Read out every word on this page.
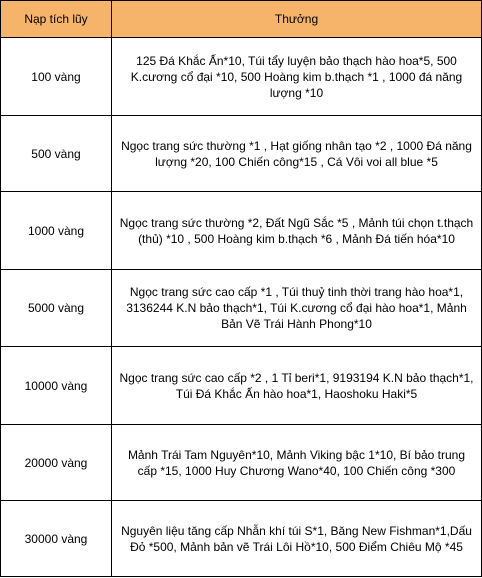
Nạp tích lũy	Thưởng
100 vàng	125 Đá Khắc Ấn*10, Túi tẩy luyện bảo thạch hào hoa*5, 500 K.cương cổ đại *10, 500 Hoàng kim b.thạch *1 , 1000 đá năng lượng *10
500 vàng	Ngọc trang sức thường *1 , Hạt giống nhân tạo *2 , 1000 Đá năng lượng *20, 100 Chiến công*15 , Cá Vôi voi all blue *5
1000 vàng	Ngọc trang sức thường *2, Đất Ngũ Sắc *5 , Mảnh túi chọn t.thạch (thủ) *10 , 500 Hoàng kim b.thạch *6 , Mảnh Đá tiến hóa*10
5000 vàng	Ngọc trang sức cao cấp *1 , Túi thuỷ tinh thời trang hào hoa*1, 3136244 K.N bảo thạch*1, Túi K.cương cổ đại hào hoa*1, Mảnh Bản Vẽ Trái Hành Phong*10
10000 vàng	Ngọc trang sức cao cấp *2 , 1 Tỉ beri*1, 9193194 K.N bảo thạch*1, Túi Đá Khắc Ấn hào hoa*1, Haoshoku Haki*5
20000 vàng	Mảnh Trái Tam Nguyên*10, Mảnh Viking bậc 1*10, Bí bảo trung cấp *15, 1000 Huy Chương Wano*40, 100 Chiến công *300
30000 vàng	Nguyên liệu tăng cấp Nhẫn khí túi S*1, Băng New Fishman*1,Dấu Đỏ *500, Mảnh bản vẽ Trái Lôi Hồ*10, 500 Điểm Chiêu Mộ *45
